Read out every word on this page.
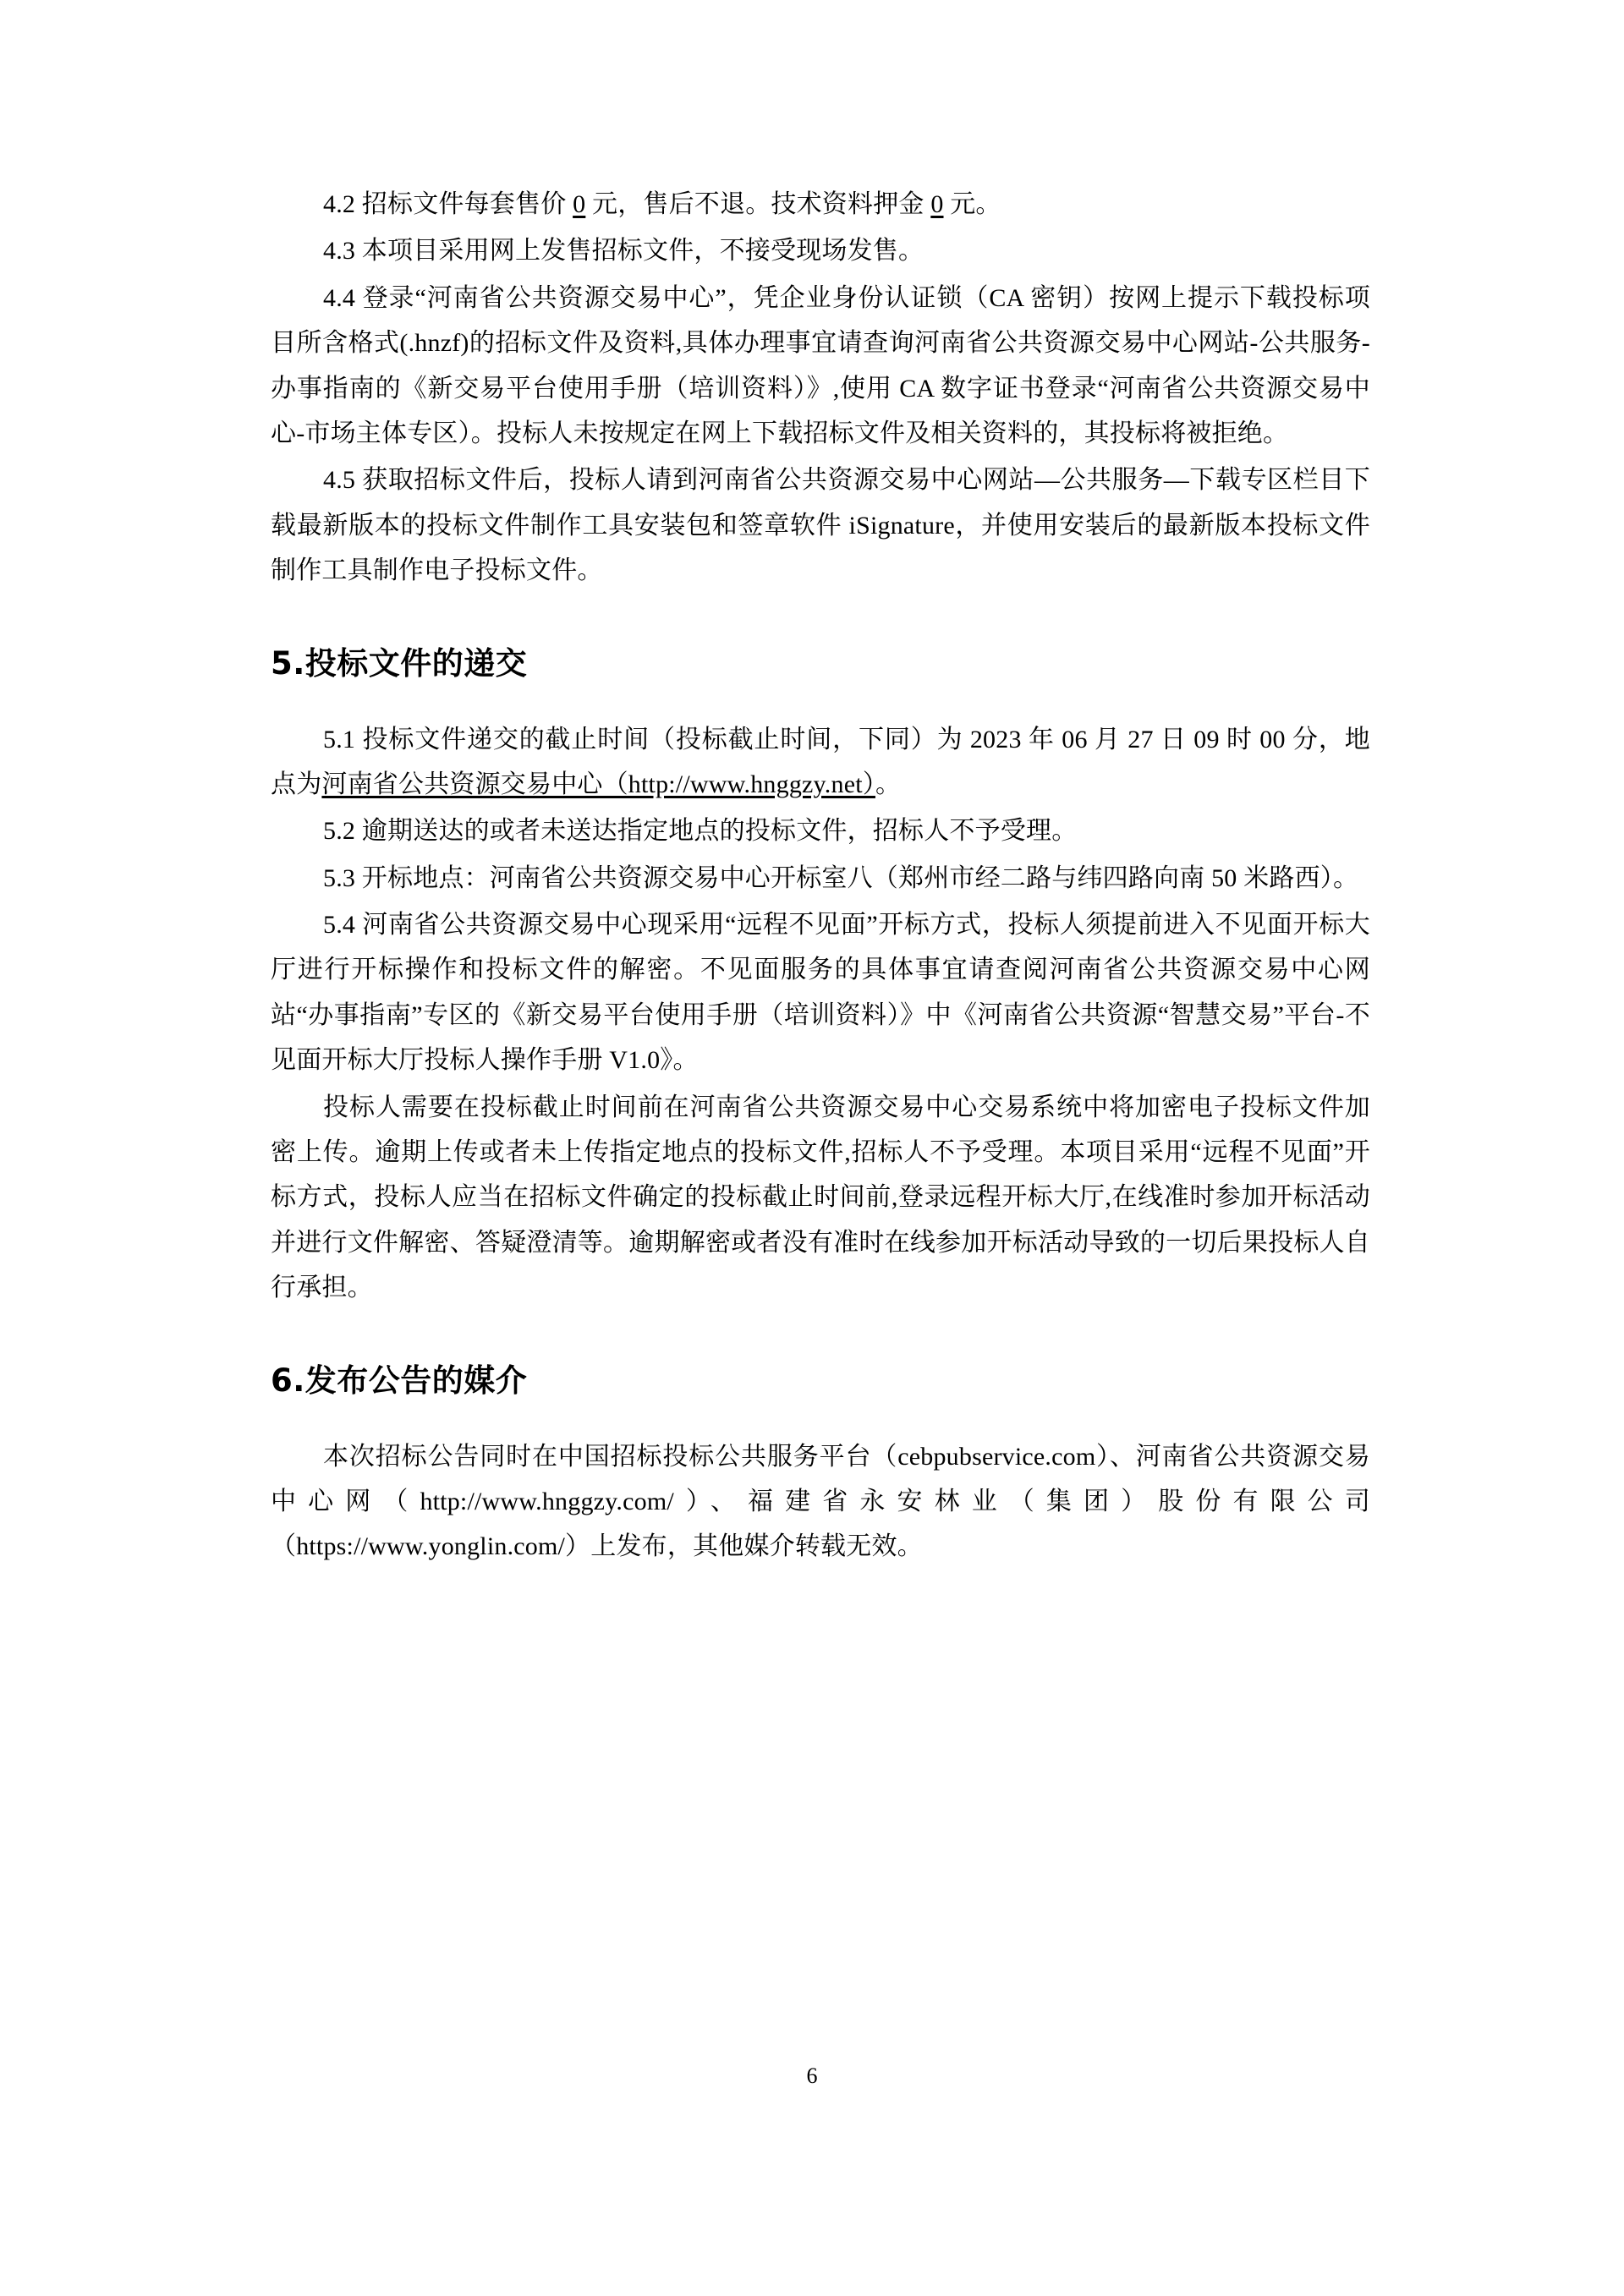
4.2 招标文件每套售价 0 元，售后不退。技术资料押金 0 元。

4.3 本项目采用网上发售招标文件，不接受现场发售。

4.4 登录“河南省公共资源交易中心”，凭企业身份认证锁（CA 密钥）按网上提示下载投标项目所含格式(.hnzf)的招标文件及资料,具体办理事宜请查询河南省公共资源交易中心网站-公共服务-办事指南的《新交易平台使用手册（培训资料）》,使用 CA 数字证书登录“河南省公共资源交易中心-市场主体专区）。投标人未按规定在网上下载招标文件及相关资料的，其投标将被拒绝。

4.5 获取招标文件后，投标人请到河南省公共资源交易中心网站—公共服务—下载专区栏目下载最新版本的投标文件制作工具安装包和签章软件 iSignature，并使用安装后的最新版本投标文件制作工具制作电子投标文件。

5.投标文件的递交

5.1 投标文件递交的截止时间（投标截止时间，下同）为 2023 年 06 月 27 日 09 时 00 分，地点为河南省公共资源交易中心（http://www.hnggzy.net）。

5.2 逾期送达的或者未送达指定地点的投标文件，招标人不予受理。

5.3 开标地点：河南省公共资源交易中心开标室八（郑州市经二路与纬四路向南 50 米路西）。

5.4 河南省公共资源交易中心现采用“远程不见面”开标方式，投标人须提前进入不见面开标大厅进行开标操作和投标文件的解密。不见面服务的具体事宜请查阅河南省公共资源交易中心网站“办事指南”专区的《新交易平台使用手册（培训资料）》中《河南省公共资源“智慧交易”平台-不见面开标大厅投标人操作手册 V1.0》。

投标人需要在投标截止时间前在河南省公共资源交易中心交易系统中将加密电子投标文件加密上传。逾期上传或者未上传指定地点的投标文件,招标人不予受理。本项目采用“远程不见面”开标方式，投标人应当在招标文件确定的投标截止时间前,登录远程开标大厅,在线准时参加开标活动并进行文件解密、答疑澄清等。逾期解密或者没有准时在线参加开标活动导致的一切后果投标人自行承担。

6.发布公告的媒介

本次招标公告同时在中国招标投标公共服务平台（cebpubservice.com）、河南省公共资源交易中心网（http://www.hnggzy.com/）、福建省永安林业（集团）股份有限公司（https://www.yonglin.com/）上发布，其他媒介转载无效。

6
